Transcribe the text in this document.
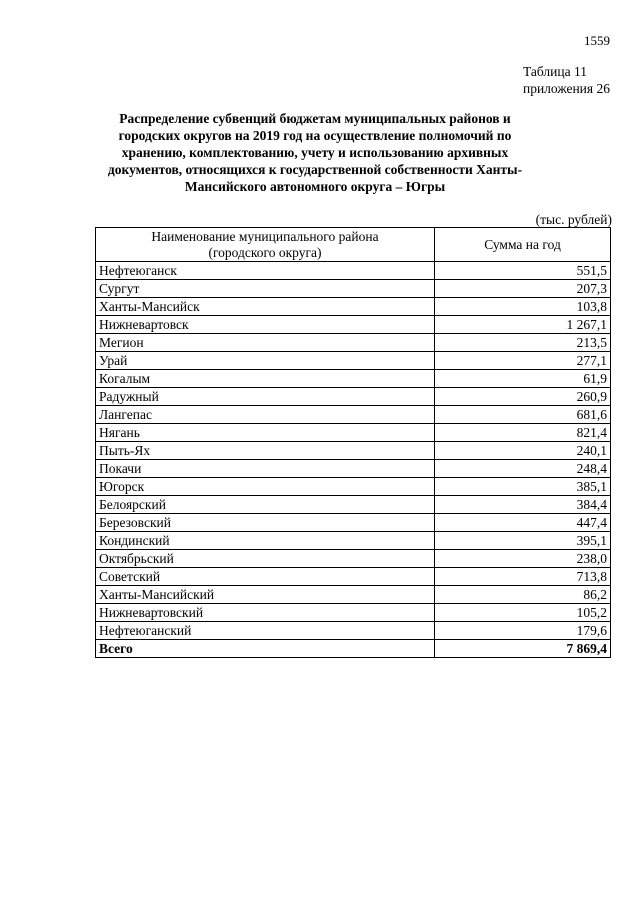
1559
Таблица 11
приложения 26

Распределение субвенций бюджетам муниципальных районов и городских округов на 2019 год на осуществление полномочий по хранению, комплектованию, учету и использованию архивных документов, относящихся к государственной собственности Ханты-Мансийского автономного округа – Югры

(тыс. рублей)
Наименование муниципального района
(городского округа)	Сумма на год
Нефтеюганск	551,5
Сургут	207,3
Ханты-Мансийск	103,8
Нижневартовск	1 267,1
Мегион	213,5
Урай	277,1
Когалым	61,9
Радужный	260,9
Лангепас	681,6
Нягань	821,4
Пыть-Ях	240,1
Покачи	248,4
Югорск	385,1
Белоярский	384,4
Березовский	447,4
Кондинский	395,1
Октябрьский	238,0
Советский	713,8
Ханты-Мансийский	86,2
Нижневартовский	105,2
Нефтеюганский	179,6
Всего	7 869,4
